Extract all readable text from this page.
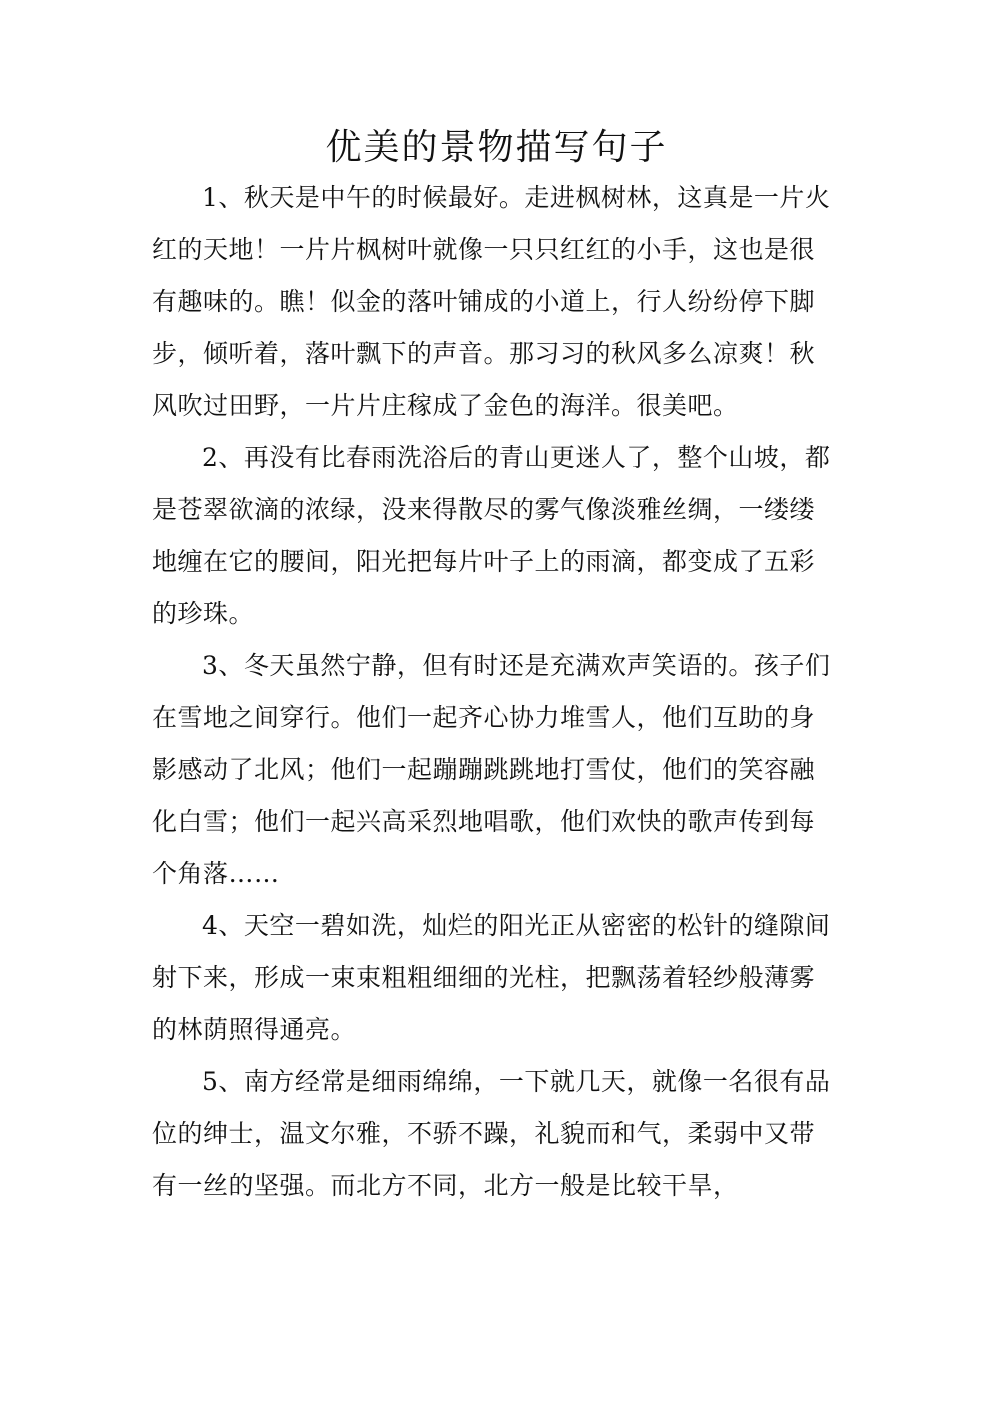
优美的景物描写句子

1、秋天是中午的时候最好。走进枫树林，这真是一片火红的天地！一片片枫树叶就像一只只红红的小手，这也是很有趣味的。瞧！似金的落叶铺成的小道上，行人纷纷停下脚步，倾听着，落叶飘下的声音。那习习的秋风多么凉爽！秋风吹过田野，一片片庄稼成了金色的海洋。很美吧。

2、再没有比春雨洗浴后的青山更迷人了，整个山坡，都是苍翠欲滴的浓绿，没来得散尽的雾气像淡雅丝绸，一缕缕地缠在它的腰间，阳光把每片叶子上的雨滴，都变成了五彩的珍珠。

3、冬天虽然宁静，但有时还是充满欢声笑语的。孩子们在雪地之间穿行。他们一起齐心协力堆雪人，他们互助的身影感动了北风；他们一起蹦蹦跳跳地打雪仗，他们的笑容融化白雪；他们一起兴高采烈地唱歌，他们欢快的歌声传到每个角落……

4、天空一碧如洗，灿烂的阳光正从密密的松针的缝隙间射下来，形成一束束粗粗细细的光柱，把飘荡着轻纱般薄雾的林荫照得通亮。

5、南方经常是细雨绵绵，一下就几天，就像一名很有品位的绅士，温文尔雅，不骄不躁，礼貌而和气，柔弱中又带有一丝的坚强。而北方不同，北方一般是比较干旱，
